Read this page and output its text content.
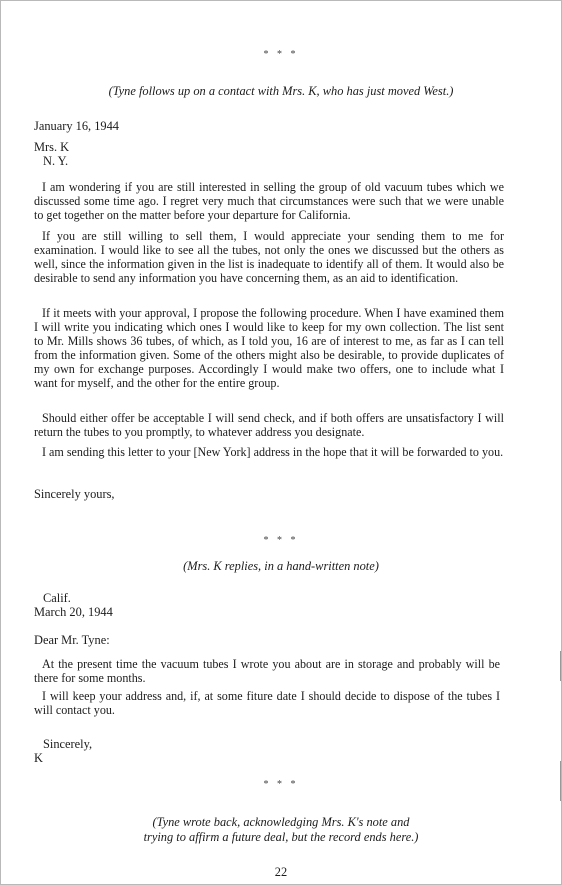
* * *
(Tyne follows up on a contact with Mrs. K, who has just moved West.)
January 16, 1944
Mrs. K
N. Y.

I am wondering if you are still interested in selling the group of old vacuum tubes which we discussed some time ago. I regret very much that circumstances were such that we were unable to get together on the matter before your departure for California.

If you are still willing to sell them, I would appreciate your sending them to me for examination. I would like to see all the tubes, not only the ones we discussed but the others as well, since the information given in the list is inadequate to identify all of them. It would also be desirable to send any information you have concerning them, as an aid to identification.

If it meets with your approval, I propose the following procedure. When I have examined them I will write you indicating which ones I would like to keep for my own collection. The list sent to Mr. Mills shows 36 tubes, of which, as I told you, 16 are of interest to me, as far as I can tell from the information given. Some of the others might also be desirable, to provide duplicates of my own for exchange purposes. Accordingly I would make two offers, one to include what I want for myself, and the other for the entire group.

Should either offer be acceptable I will send check, and if both offers are unsatisfactory I will return the tubes to you promptly, to whatever address you designate.

I am sending this letter to your [New York] address in the hope that it will be forwarded to you.

Sincerely yours,
* * *
(Mrs. K replies, in a hand-written note)
Calif.
March 20, 1944
Dear Mr. Tyne:

At the present time the vacuum tubes I wrote you about are in storage and probably will be there for some months.

I will keep your address and, if, at some fiture date I should decide to dispose of the tubes I will contact you.

Sincerely,
K
* * *
(Tyne wrote back, acknowledging Mrs. K's note and
trying to affirm a future deal, but the record ends here.)
22
